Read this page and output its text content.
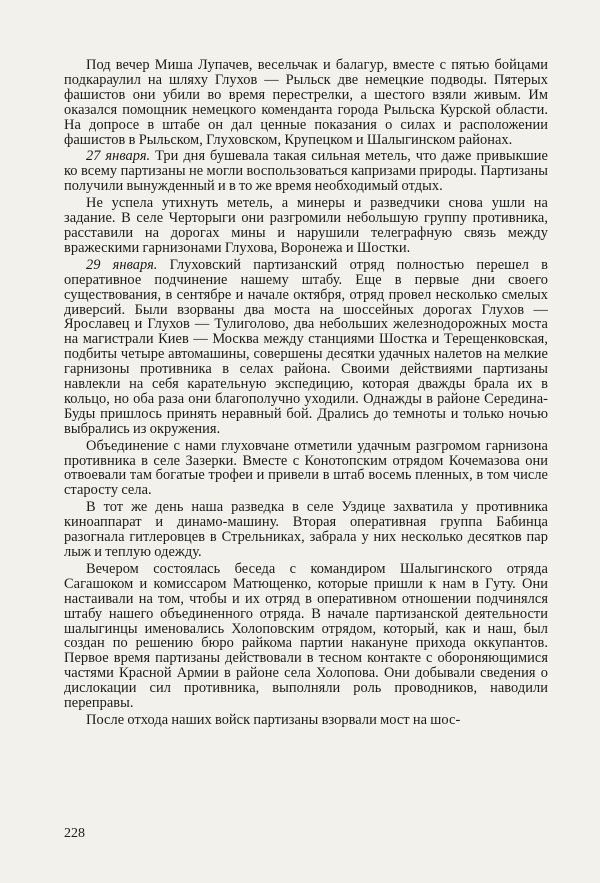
Под вечер Миша Лупачев, весельчак и балагур, вместе с пятью бойцами подкараулил на шляху Глухов — Рыльск две немецкие подводы. Пятерых фашистов они убили во время перестрелки, а шестого взяли живым. Им оказался помощник немецкого коменданта города Рыльска Курской области. На допросе в штабе он дал ценные показания о силах и расположении фашистов в Рыльском, Глуховском, Крупецком и Шалыгинском районах.

27 января. Три дня бушевала такая сильная метель, что даже привыкшие ко всему партизаны не могли воспользоваться капризами природы. Партизаны получили вынужденный и в то же время необходимый отдых.

Не успела утихнуть метель, а минеры и разведчики снова ушли на задание. В селе Черторыги они разгромили небольшую группу противника, расставили на дорогах мины и нарушили телеграфную связь между вражескими гарнизонами Глухова, Воронежа и Шостки.

29 января. Глуховский партизанский отряд полностью перешел в оперативное подчинение нашему штабу. Еще в первые дни своего существования, в сентябре и начале октября, отряд провел несколько смелых диверсий. Были взорваны два моста на шоссейных дорогах Глухов — Ярославец и Глухов — Тулиголово, два небольших железнодорожных моста на магистрали Киев — Москва между станциями Шостка и Терещенковская, подбиты четыре автомашины, совершены десятки удачных налетов на мелкие гарнизоны противника в селах района. Своими действиями партизаны навлекли на себя карательную экспедицию, которая дважды брала их в кольцо, но оба раза они благополучно уходили. Однажды в районе Середина-Буды пришлось принять неравный бой. Дрались до темноты и только ночью выбрались из окружения.

Объединение с нами глуховчане отметили удачным разгромом гарнизона противника в селе Зазерки. Вместе с Конотопским отрядом Кочемазова они отвоевали там богатые трофеи и привели в штаб восемь пленных, в том числе старосту села.

В тот же день наша разведка в селе Уздице захватила у противника киноаппарат и динамо-машину. Вторая оперативная группа Бабинца разогнала гитлеровцев в Стрельниках, забрала у них несколько десятков пар лыж и теплую одежду.

Вечером состоялась беседа с командиром Шалыгинского отряда Сагашоком и комиссаром Матющенко, которые пришли к нам в Гуту. Они настаивали на том, чтобы и их отряд в оперативном отношении подчинялся штабу нашего объединенного отряда. В начале партизанской деятельности шалыгинцы именовались Холоповским отрядом, который, как и наш, был создан по решению бюро райкома партии накануне прихода оккупантов. Первое время партизаны действовали в тесном контакте с обороняющимися частями Красной Армии в районе села Холопова. Они добывали сведения о дислокации сил противника, выполняли роль проводников, наводили переправы.

После отхода наших войск партизаны взорвали мост на шос-

228
